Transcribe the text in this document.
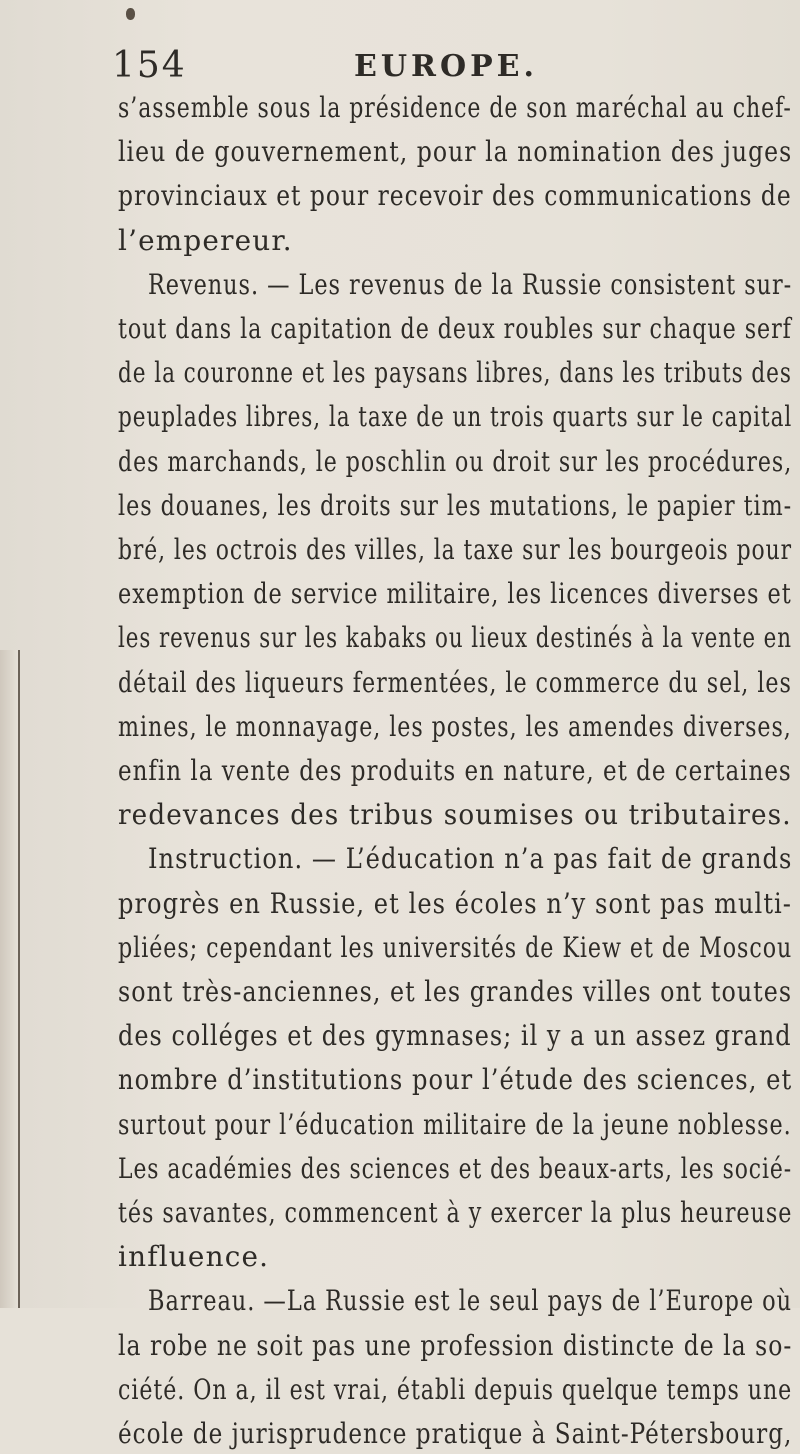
154	EUROPE.
s’assemble sous la présidence de son maréchal au chef-
lieu de gouvernement, pour la nomination des juges
provinciaux et pour recevoir des communications de
l’empereur.
Revenus. — Les revenus de la Russie consistent sur-
tout dans la capitation de deux roubles sur chaque serf
de la couronne et les paysans libres, dans les tributs des
peuplades libres, la taxe de un trois quarts sur le capital
des marchands, le poschlin ou droit sur les procédures,
les douanes, les droits sur les mutations, le papier tim-
bré, les octrois des villes, la taxe sur les bourgeois pour
exemption de service militaire, les licences diverses et
les revenus sur les kabaks ou lieux destinés à la vente en
détail des liqueurs fermentées, le commerce du sel, les
mines, le monnayage, les postes, les amendes diverses,
enfin la vente des produits en nature, et de certaines
redevances des tribus soumises ou tributaires.
Instruction. — L’éducation n’a pas fait de grands
progrès en Russie, et les écoles n’y sont pas multi-
pliées; cependant les universités de Kiew et de Moscou
sont très-anciennes, et les grandes villes ont toutes
des colléges et des gymnases; il y a un assez grand
nombre d’institutions pour l’étude des sciences, et
surtout pour l’éducation militaire de la jeune noblesse.
Les académies des sciences et des beaux-arts, les socié-
tés savantes, commencent à y exercer la plus heureuse
influence.
Barreau. —La Russie est le seul pays de l’Europe où
la robe ne soit pas une profession distincte de la so-
ciété. On a, il est vrai, établi depuis quelque temps une
école de jurisprudence pratique à Saint-Pétersbourg,
